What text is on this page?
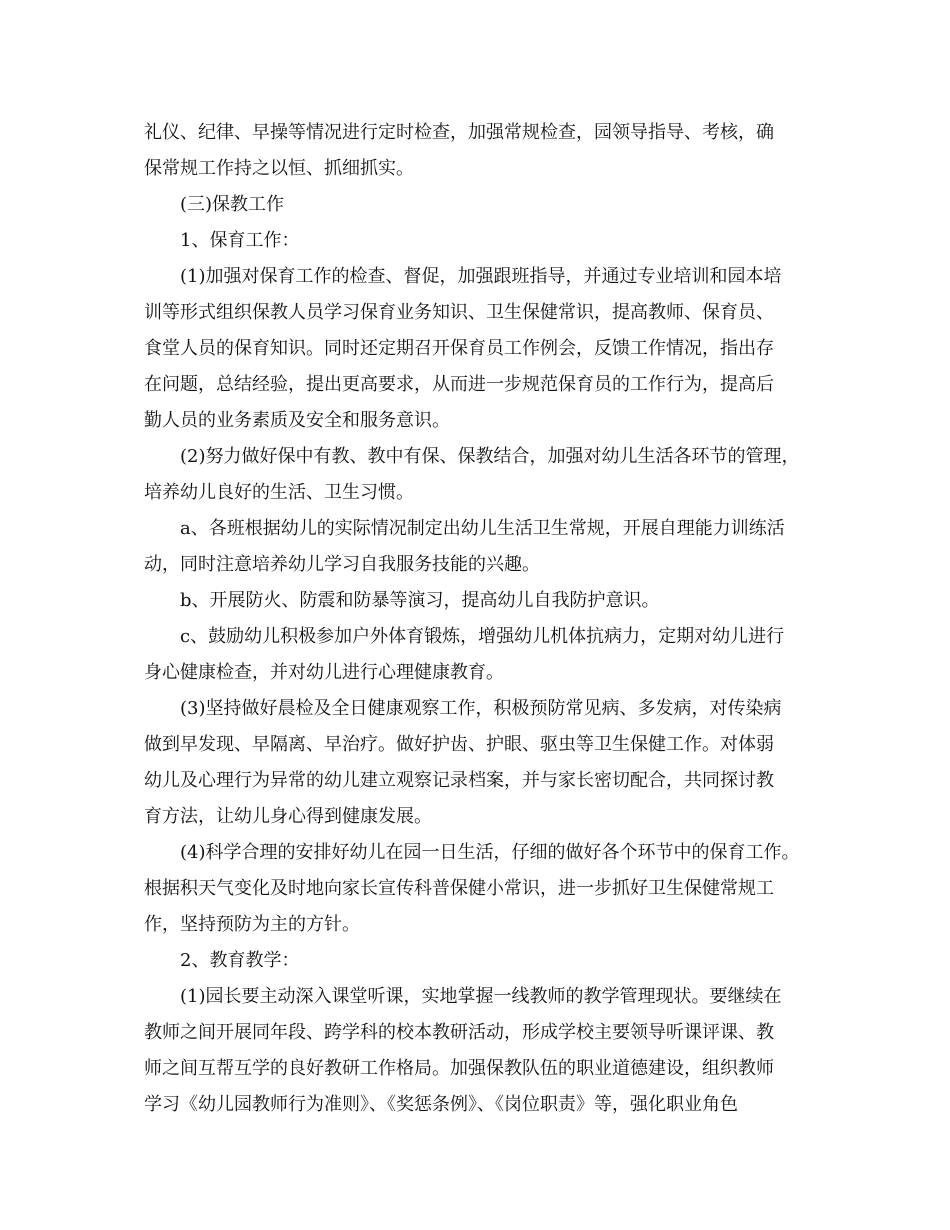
礼仪、纪律、早操等情况进行定时检查，加强常规检查，园领导指导、考核，确
保常规工作持之以恒、抓细抓实。
(三)保教工作
1、保育工作：
(1)加强对保育工作的检查、督促，加强跟班指导，并通过专业培训和园本培
训等形式组织保教人员学习保育业务知识、卫生保健常识，提高教师、保育员、
食堂人员的保育知识。同时还定期召开保育员工作例会，反馈工作情况，指出存
在问题，总结经验，提出更高要求，从而进一步规范保育员的工作行为，提高后
勤人员的业务素质及安全和服务意识。
(2)努力做好保中有教、教中有保、保教结合，加强对幼儿生活各环节的管理，
培养幼儿良好的生活、卫生习惯。
a、各班根据幼儿的实际情况制定出幼儿生活卫生常规，开展自理能力训练活
动，同时注意培养幼儿学习自我服务技能的兴趣。
b、开展防火、防震和防暴等演习，提高幼儿自我防护意识。
c、鼓励幼儿积极参加户外体育锻炼，增强幼儿机体抗病力，定期对幼儿进行
身心健康检查，并对幼儿进行心理健康教育。
(3)坚持做好晨检及全日健康观察工作，积极预防常见病、多发病，对传染病
做到早发现、早隔离、早治疗。做好护齿、护眼、驱虫等卫生保健工作。对体弱
幼儿及心理行为异常的幼儿建立观察记录档案，并与家长密切配合，共同探讨教
育方法，让幼儿身心得到健康发展。
(4)科学合理的安排好幼儿在园一日生活，仔细的做好各个环节中的保育工作。
根据积天气变化及时地向家长宣传科普保健小常识，进一步抓好卫生保健常规工
作，坚持预防为主的方针。
2、教育教学：
(1)园长要主动深入课堂听课，实地掌握一线教师的教学管理现状。要继续在
教师之间开展同年段、跨学科的校本教研活动，形成学校主要领导听课评课、教
师之间互帮互学的良好教研工作格局。加强保教队伍的职业道德建设，组织教师
学习《幼儿园教师行为准则》、《奖惩条例》、《岗位职责》等，强化职业角色
